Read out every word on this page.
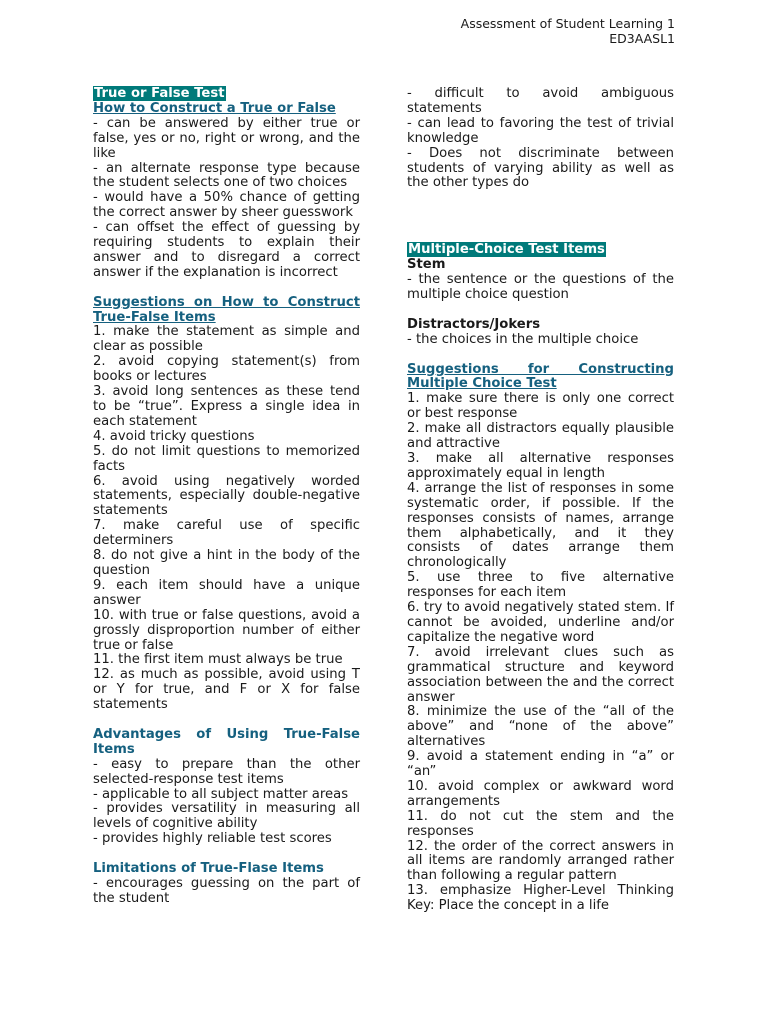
Assessment of Student Learning 1
ED3AASL1
True or False Test
How to Construct a True or False

- can be answered by either true or false, yes or no, right or wrong, and the like

- an alternate response type because the student selects one of two choices

- would have a 50% chance of getting the correct answer by sheer guesswork

- can offset the effect of guessing by requiring students to explain their answer and to disregard a correct answer if the explanation is incorrect

Suggestions on How to Construct True-False Items

1. make the statement as simple and clear as possible

2. avoid copying statement(s) from books or lectures

3. avoid long sentences as these tend to be “true”. Express a single idea in each statement

4. avoid tricky questions

5. do not limit questions to memorized facts

6. avoid using negatively worded statements, especially double-negative statements

7. make careful use of specific determiners

8. do not give a hint in the body of the question

9. each item should have a unique answer

10. with true or false questions, avoid a grossly disproportion number of either true or false

11. the first item must always be true

12. as much as possible, avoid using T or Y for true, and F or X for false statements

Advantages of Using True-False Items

- easy to prepare than the other selected-response test items

- applicable to all subject matter areas

- provides versatility in measuring all levels of cognitive ability

- provides highly reliable test scores

Limitations of True-Flase Items

- encourages guessing on the part of the student

- difficult to avoid ambiguous statements

- can lead to favoring the test of trivial knowledge

- Does not discriminate between students of varying ability as well as the other types do

Multiple-Choice Test Items
Stem

- the sentence or the questions of the multiple choice question

Distractors/Jokers

- the choices in the multiple choice

Suggestions for Constructing Multiple Choice Test

1. make sure there is only one correct or best response

2. make all distractors equally plausible and attractive

3. make all alternative responses approximately equal in length

4. arrange the list of responses in some systematic order, if possible. If the responses consists of names, arrange them alphabetically, and it they consists of dates arrange them chronologically

5. use three to five alternative responses for each item

6. try to avoid negatively stated stem. If cannot be avoided, underline and/or capitalize the negative word

7. avoid irrelevant clues such as grammatical structure and keyword association between the and the correct answer

8. minimize the use of the “all of the above” and “none of the above” alternatives

9. avoid a statement ending in “a” or “an”

10. avoid complex or awkward word arrangements

11. do not cut the stem and the responses

12. the order of the correct answers in all items are randomly arranged rather than following a regular pattern

13. emphasize Higher-Level Thinking Key: Place the concept in a life
